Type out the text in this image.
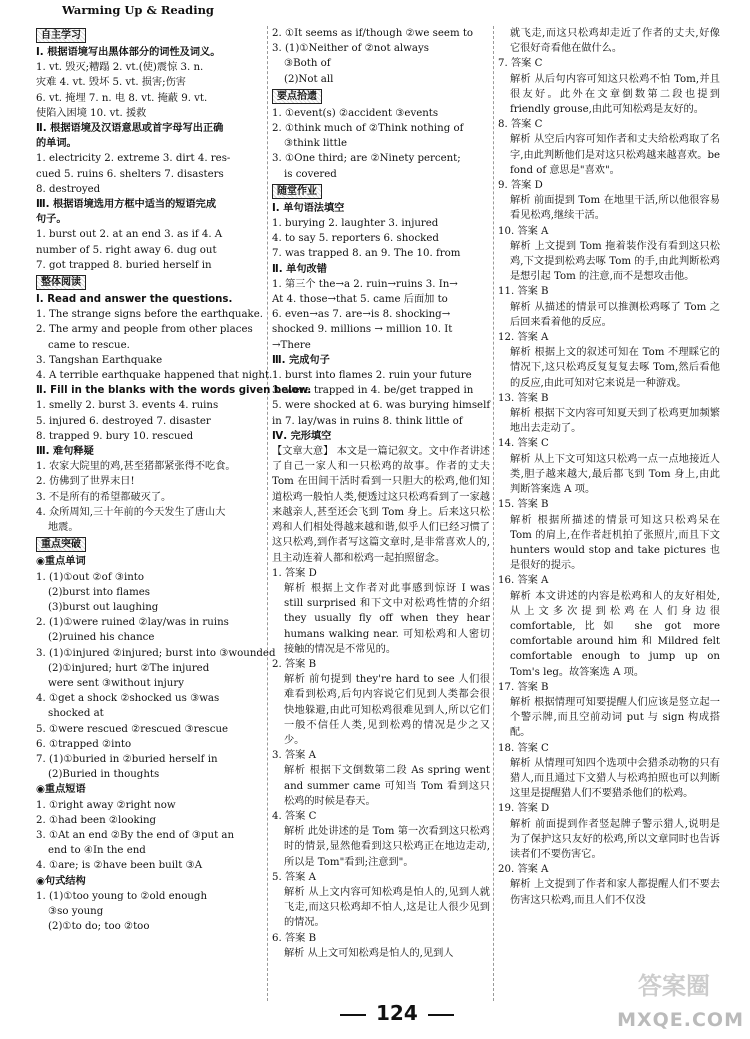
Warming Up & Reading
自主学习
Ⅰ. 根据语境写出黑体部分的词性及词义。
1. vt. 毁灭;糟蹋 2. vt.(使)震惊 3. n.
灾难 4. vt. 毁坏 5. vt. 损害;伤害
6. vt. 掩埋 7. n. 电 8. vt. 掩蔽 9. vt.
使陷入困境 10. vt. 援救
Ⅱ. 根据语境及汉语意思或首字母写出正确
的单词。
1. electricity 2. extreme 3. dirt 4. res-
cued 5. ruins 6. shelters 7. disasters
8. destroyed
Ⅲ. 根据语境选用方框中适当的短语完成
句子。
1. burst out 2. at an end 3. as if 4. A
number of 5. right away 6. dug out
7. got trapped 8. buried herself in
整体阅读
Ⅰ. Read and answer the questions.
1. The strange signs before the earthquake.
2. The army and people from other places
came to rescue.
3. Tangshan Earthquake
4. A terrible earthquake happened that night.
Ⅱ. Fill in the blanks with the words given below.
1. smelly 2. burst 3. events 4. ruins
5. injured 6. destroyed 7. disaster
8. trapped 9. bury 10. rescued
Ⅲ. 难句释疑
1. 农家大院里的鸡,甚至猪都紧张得不吃食。
2. 仿佛到了世界末日!
3. 不是所有的希望都破灭了。
4. 众所周知,三十年前的今天发生了唐山大
地震。
重点突破
◉重点单词
1. (1)①out ②of ③into
(2)burst into flames
(3)burst out laughing
2. (1)①were ruined ②lay/was in ruins
(2)ruined his chance
3. (1)①injured ②injured; burst into ③wounded
(2)①injured; hurt ②The injured
were sent ③without injury
4. ①get a shock ②shocked us ③was
shocked at
5. ①were rescued ②rescued ③rescue
6. ①trapped ②into
7. (1)①buried in ②buried herself in
(2)Buried in thoughts
◉重点短语
1. ①right away ②right now
2. ①had been ②looking
3. ①At an end ②By the end of ③put an
end to ④In the end
4. ①are; is ②have been built ③A
◉句式结构
1. (1)①too young to ②old enough
③so young
(2)①to do; too ②too
2. ①It seems as if/though ②we seem to
3. (1)①Neither of ②not always
③Both of
(2)Not all
要点拾遗
1. ①event(s) ②accident ③events
2. ①think much of ②Think nothing of
③think little
3. ①One third; are ②Ninety percent;
is covered
随堂作业
Ⅰ. 单句语法填空
1. burying 2. laughter 3. injured
4. to say 5. reporters 6. shocked
7. was trapped 8. an 9. The 10. from
Ⅱ. 单句改错
1. 第三个 the→a 2. ruin→ruins 3. In→
At 4. those→that 5. came 后面加 to
6. even→as 7. are→is 8. shocking→
shocked 9. millions → million 10. It
→There
Ⅲ. 完成句子
1. burst into flames 2. ruin your future
3. were trapped in 4. be/get trapped in
5. were shocked at 6. was burying himself
in 7. lay/was in ruins 8. think little of
Ⅳ. 完形填空
【文章大意】 本文是一篇记叙文。文中作者讲述了自己一家人和一只松鸡的故事。作者的丈夫 Tom 在田间干活时看到一只胆大的松鸡,他们知道松鸡一般怕人类,便透过这只松鸡看到了一家越来越亲人,甚至还会飞到 Tom 身上。后来这只松鸡和人们相处得越来越和谐,似乎人们已经习惯了这只松鸡,到作者写这篇文章时,是非常喜欢人的,且主动连着人都和松鸡一起拍照留念。
1. 答案 D
解析 根据上文作者对此事感到惊讶 I was still surprised 和下文中对松鸡性情的介绍 they usually fly off when they hear humans walking near. 可知松鸡和人密切接触的情况是不常见的。
2. 答案 B
解析 前句提到 they're hard to see 人们很难看到松鸡,后句内容说它们见到人类都会很快地躲避,由此可知松鸡很难见到人,所以它们一般不信任人类,见到松鸡的情况是少之又少。
3. 答案 A
解析 根据下文倒数第二段 As spring went and summer came 可知当 Tom 看到这只松鸡的时候是春天。
4. 答案 C
解析 此处讲述的是 Tom 第一次看到这只松鸡时的情景,显然他看到这只松鸡正在地边走动,所以是 Tom"看到;注意到"。
5. 答案 A
解析 从上文内容可知松鸡是怕人的,见到人就飞走,而这只松鸡却不怕人,这是让人很少见到的情况。
6. 答案 B
解析 从上文可知松鸡是怕人的,见到人
就飞走,而这只松鸡却走近了作者的丈夫,好像它很好奇看他在做什么。
7. 答案 C
解析 从后句内容可知这只松鸡不怕 Tom,并且很友好。此外在文章倒数第二段也提到 friendly grouse,由此可知松鸡是友好的。
8. 答案 C
解析 从空后内容可知作者和丈夫给松鸡取了名字,由此判断他们是对这只松鸡越来越喜欢。be fond of 意思是"喜欢"。
9. 答案 D
解析 前面提到 Tom 在地里干活,所以他很容易看见松鸡,继续干活。
10. 答案 A
解析 上文提到 Tom 拖着装作没有看到这只松鸡,下文提到松鸡去啄 Tom 的手,由此判断松鸡是想引起 Tom 的注意,而不是想攻击他。
11. 答案 B
解析 从描述的情景可以推测松鸡啄了 Tom 之后回来看着他的反应。
12. 答案 A
解析 根据上文的叙述可知在 Tom 不理睬它的情况下,这只松鸡反复复复去啄 Tom,然后看他的反应,由此可知对它来说是一种游戏。
13. 答案 B
解析 根据下文内容可知夏天到了松鸡更加频繁地出去走动了。
14. 答案 C
解析 从上下文可知这只松鸡一点一点地接近人类,胆子越来越大,最后都飞到 Tom 身上,由此判断答案选 A 项。
15. 答案 B
解析 根据所描述的情景可知这只松鸡呆在 Tom 的肩上,在作者赶机拍了张照片,而且下文 hunters would stop and take pictures 也是很好的提示。
16. 答案 A
解析 本文讲述的内容是松鸡和人的友好相处,从上文多次提到松鸡在人们身边很 comfortable,比如 she got more comfortable around him 和 Mildred felt comfortable enough to jump up on Tom's leg。故答案选 A 项。
17. 答案 B
解析 根据情理可知要提醒人们应该是竖立起一个警示牌,而且空前动词 put 与 sign 构成搭配。
18. 答案 C
解析 从情理可知四个选项中会猎杀动物的只有猎人,而且通过下文猎人与松鸡拍照也可以判断这里是提醒猎人们不要猎杀他们的松鸡。
19. 答案 D
解析 前面提到作者竖起牌子警示猎人,说明是为了保护这只友好的松鸡,所以文章同时也告诉读者们不要伤害它。
20. 答案 A
解析 上文提到了作者和家人都提醒人们不要去伤害这只松鸡,而且人们不仅没
124
答案圈
MXQE.COM
